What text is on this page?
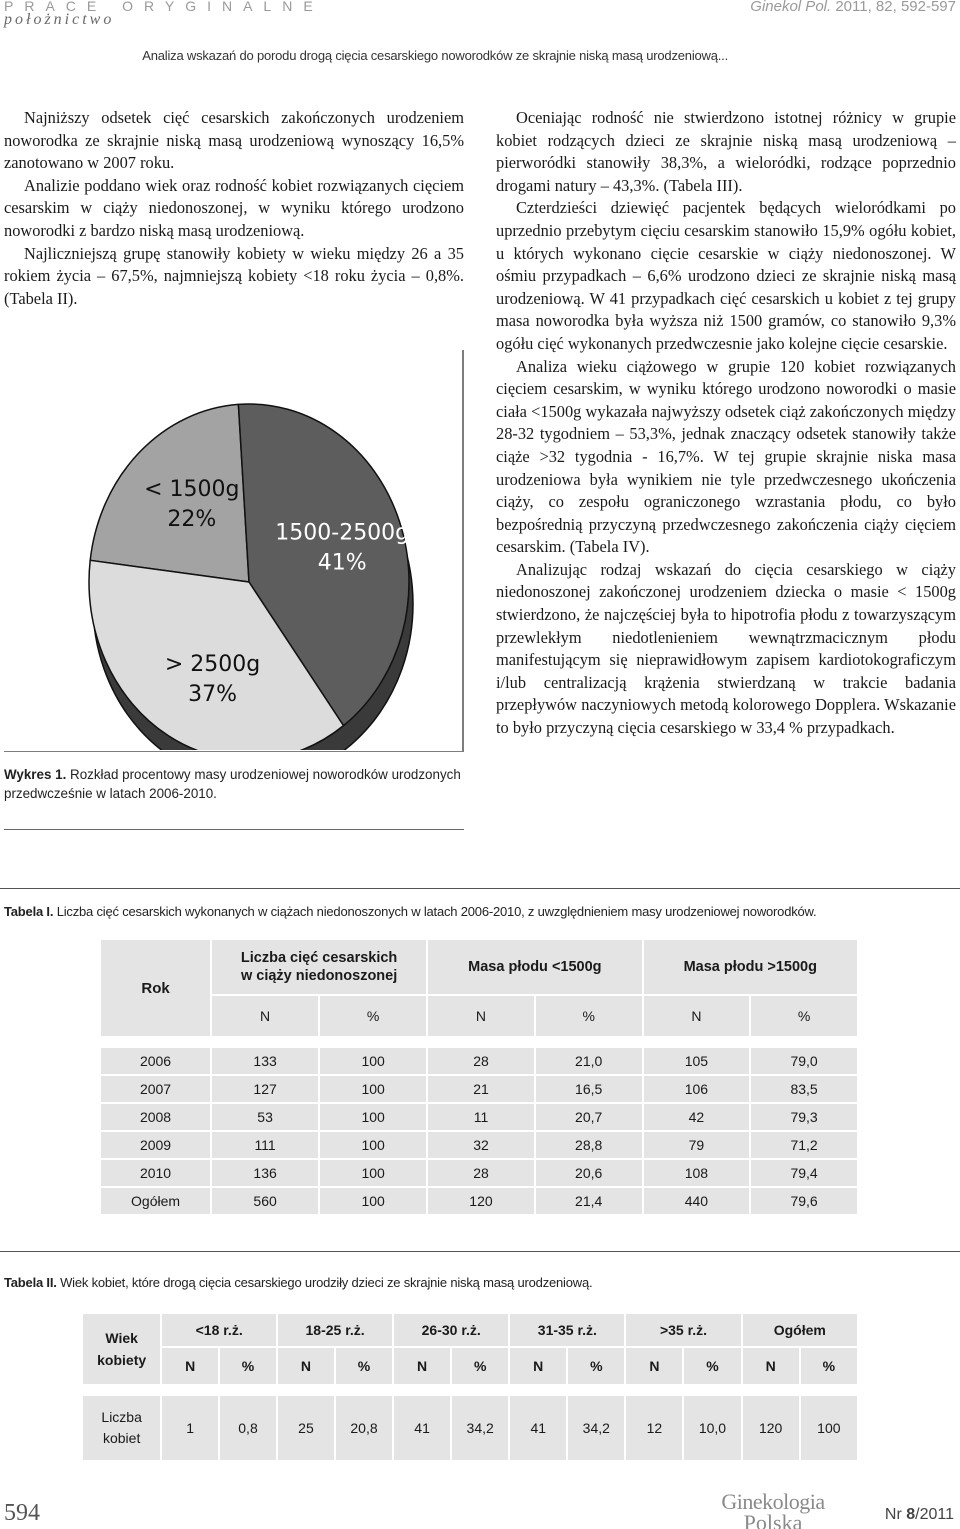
PRACE ORYGINALNE
położnictwo
Ginekol Pol. 2011, 82, 592-597
Analiza wskazań do porodu drogą cięcia cesarskiego noworodków ze skrajnie niską masą urodzeniową...

Najniższy odsetek cięć cesarskich zakończonych urodzeniem noworodka ze skrajnie niską masą urodzeniową wynoszący 16,5% zanotowano w 2007 roku.

Analizie poddano wiek oraz rodność kobiet rozwiązanych cięciem cesarskim w ciąży niedonoszonej, w wyniku którego urodzono noworodki z bardzo niską masą urodzeniową.

Najliczniejszą grupę stanowiły kobiety w wieku między 26 a 35 rokiem życia – 67,5%, najmniejszą kobiety <18 roku życia – 0,8%. (Tabela II).

< 1500g
22%
1500-2500g
41%
> 2500g
37%
Wykres 1. Rozkład procentowy masy urodzeniowej noworodków urodzonych przedwcześnie w latach 2006-2010.

Oceniając rodność nie stwierdzono istotnej różnicy w grupie kobiet rodzących dzieci ze skrajnie niską masą urodzeniową – pierworódki stanowiły 38,3%, a wieloródki, rodzące poprzednio drogami natury – 43,3%. (Tabela III).

Czterdzieści dziewięć pacjentek będących wieloródkami po uprzednio przebytym cięciu cesarskim stanowiło 15,9% ogółu kobiet, u których wykonano cięcie cesarskie w ciąży niedonoszonej. W ośmiu przypadkach – 6,6% urodzono dzieci ze skrajnie niską masą urodzeniową. W 41 przypadkach cięć cesarskich u kobiet z tej grupy masa noworodka była wyższa niż 1500 gramów, co stanowiło 9,3% ogółu cięć wykonanych przedwczesnie jako kolejne cięcie cesarskie.

Analiza wieku ciążowego w grupie 120 kobiet rozwiązanych cięciem cesarskim, w wyniku którego urodzono noworodki o masie ciała <1500g wykazała najwyższy odsetek ciąż zakończonych między 28-32 tygodniem – 53,3%, jednak znaczący odsetek stanowiły także ciąże >32 tygodnia - 16,7%. W tej grupie skrajnie niska masa urodzeniowa była wynikiem nie tyle przedwczesnego ukończenia ciąży, co zespołu ograniczonego wzrastania płodu, co było bezpośrednią przyczyną przedwczesnego zakończenia ciąży cięciem cesarskim. (Tabela IV).

Analizując rodzaj wskazań do cięcia cesarskiego w ciąży niedonoszonej zakończonej urodzeniem dziecka o masie < 1500g stwierdzono, że najczęściej była to hipotrofia płodu z towarzyszącym przewlekłym niedotlenieniem wewnątrzmacicznym płodu manifestującym się nieprawidłowym zapisem kardiotokograficzym i/lub centralizacją krążenia stwierdzaną w trakcie badania przepływów naczyniowych metodą kolorowego Dopplera. Wskazanie to było przyczyną cięcia cesarskiego w 33,4 % przypadkach.

Tabela I. Liczba cięć cesarskich wykonanych w ciążach niedonoszonych w latach 2006-2010, z uwzględnieniem masy urodzeniowej noworodków.
Rok	Liczba cięć cesarskich
w ciąży niedonoszonej		Masa płodu <1500g		Masa płodu >1500g	
	N	%	N	%	N	%

2006	133	100	28	21,0	105	79,0
2007	127	100	21	16,5	106	83,5
2008	53	100	11	20,7	42	79,3
2009	111	100	32	28,8	79	71,2
2010	136	100	28	20,6	108	79,4
Ogółem	560	100	120	21,4	440	79,6
Tabela II. Wiek kobiet, które drogą cięcia cesarskiego urodziły dzieci ze skrajnie niską masą urodzeniową.
Wiek
kobiety	<18 r.ż.		18-25 r.ż.		26-30 r.ż.		31-35 r.ż.		>35 r.ż.		Ogółem	
	N	%	N	%	N	%	N	%	N	%	N	%

Liczba
kobiet	1	0,8	25	20,8	41	34,2	41	34,2	12	10,0	120	100
594	Ginekologia
Polska	Nr 8/2011
